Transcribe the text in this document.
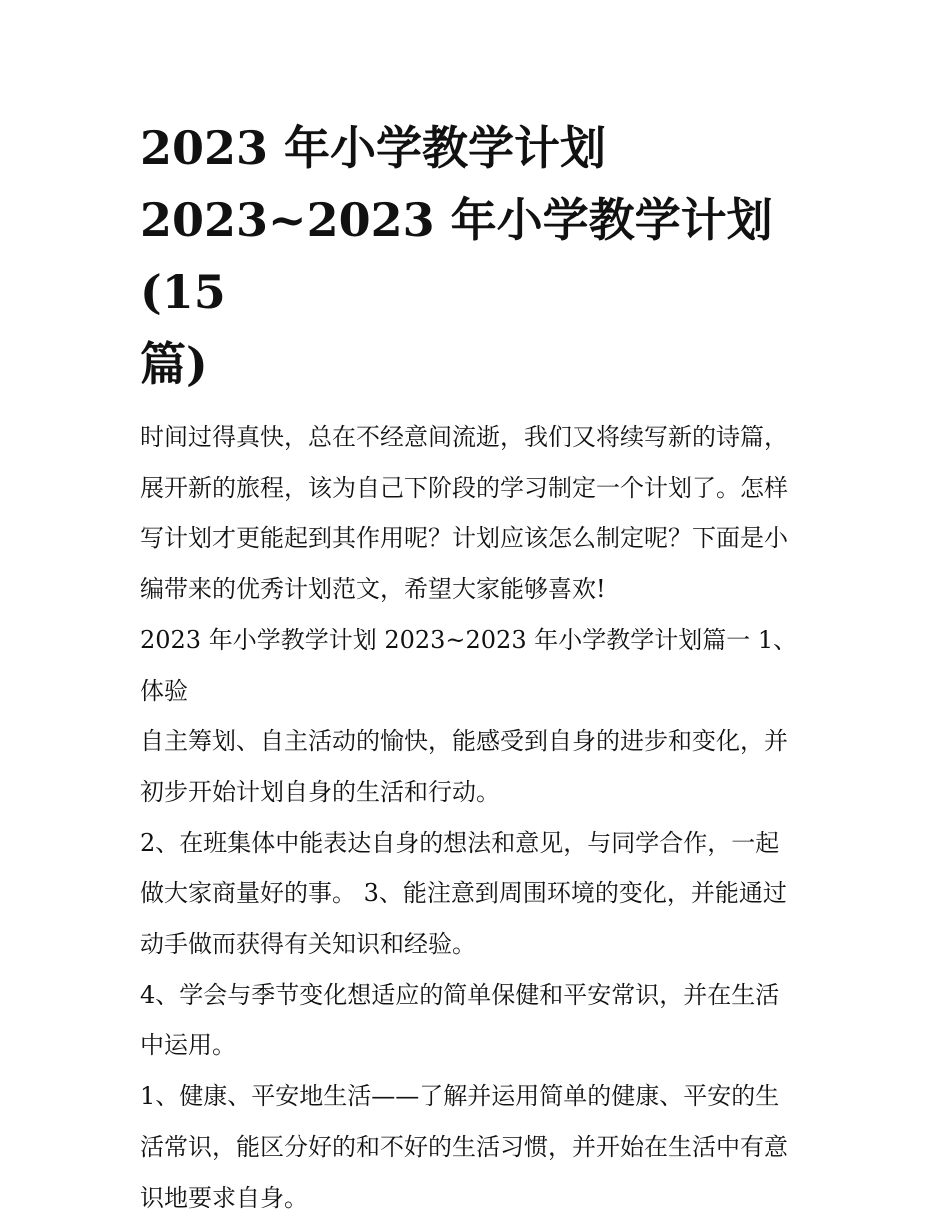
2023 年小学教学计划
2023~2023 年小学教学计划(15
篇)

时间过得真快，总在不经意间流逝，我们又将续写新的诗篇，
展开新的旅程，该为自己下阶段的学习制定一个计划了。怎样
写计划才更能起到其作用呢？计划应该怎么制定呢？下面是小
编带来的优秀计划范文，希望大家能够喜欢!

2023 年小学教学计划 2023~2023 年小学教学计划篇一 1、体验
自主筹划、自主活动的愉快，能感受到自身的进步和变化，并
初步开始计划自身的生活和行动。

2、在班集体中能表达自身的想法和意见，与同学合作，一起
做大家商量好的事。 3、能注意到周围环境的变化，并能通过
动手做而获得有关知识和经验。

4、学会与季节变化想适应的简单保健和平安常识，并在生活
中运用。

1、健康、平安地生活——了解并运用简单的健康、平安的生
活常识，能区分好的和不好的生活习惯，并开始在生活中有意
识地要求自身。
